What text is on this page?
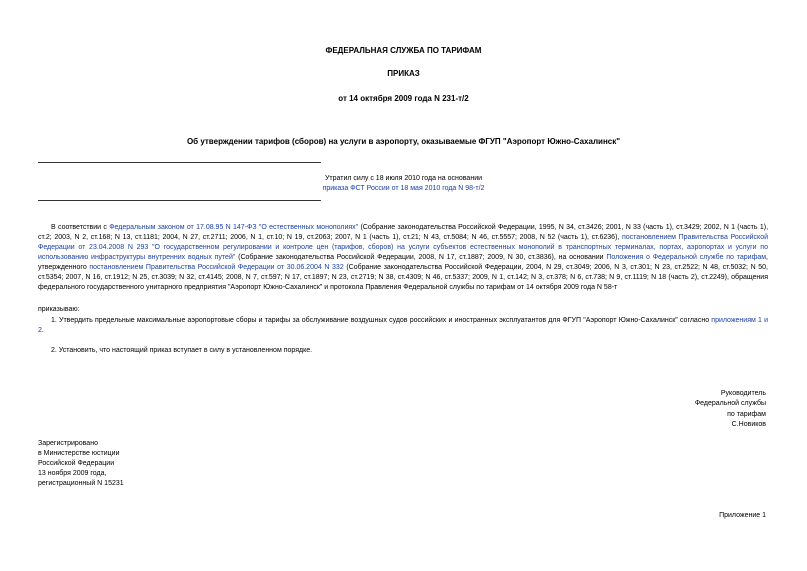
ФЕДЕРАЛЬНАЯ СЛУЖБА ПО ТАРИФАМ
ПРИКАЗ
от 14 октября 2009 года N 231-т/2
Об утверждении тарифов (сборов) на услуги в аэропорту, оказываемые ФГУП "Аэропорт Южно-Сахалинск"
Утратил силу с 18 июля 2010 года на основании
приказа ФСТ России от 18 мая 2010 года N 98-т/2
В соответствии с Федеральным законом от 17.08.95 N 147-ФЗ "О естественных монополиях" (Собрание законодательства Российской Федерации, 1995, N 34, ст.3426; 2001, N 33 (часть 1), ст.3429; 2002, N 1 (часть 1), ст.2; 2003, N 2, ст.168; N 13, ст.1181; 2004, N 27, ст.2711; 2006, N 1, ст.10; N 19, ст.2063; 2007, N 1 (часть 1), ст.21; N 43, ст.5084; N 46, ст.5557; 2008, N 52 (часть 1), ст.6236), постановлением Правительства Российской Федерации от 23.04.2008 N 293 "О государственном регулировании и контроле цен (тарифов, сборов) на услуги субъектов естественных монополий в транспортных терминалах, портах, аэропортах и услуги по использованию инфраструктуры внутренних водных путей" (Собрание законодательства Российской Федерации, 2008, N 17, ст.1887; 2009, N 30, ст.3836), на основании Положения о Федеральной службе по тарифам, утвержденного постановлением Правительства Российской Федерации от 30.06.2004 N 332 (Собрание законодательства Российской Федерации, 2004, N 29, ст.3049; 2006, N 3, ст.301; N 23, ст.2522; N 48, ст.5032; N 50, ст.5354; 2007, N 16, ст.1912; N 25, ст.3039; N 32, ст.4145; 2008, N 7, ст.597; N 17, ст.1897; N 23, ст.2719; N 38, ст.4309; N 46, ст.5337; 2009, N 1, ст.142; N 3, ст.378; N 6, ст.738; N 9, ст.1119; N 18 (часть 2), ст.2249), обращения федерального государственного унитарного предприятия "Аэропорт Южно-Сахалинск" и протокола Правления Федеральной службы по тарифам от 14 октября 2009 года N 58-т
приказываю:
1. Утвердить предельные максимальные аэропортовые сборы и тарифы за обслуживание воздушных судов российских и иностранных эксплуатантов для ФГУП "Аэропорт Южно-Сахалинск" согласно приложениям 1 и 2.
2. Установить, что настоящий приказ вступает в силу в установленном порядке.
Руководитель
Федеральной службы
по тарифам
С.Новиков
Зарегистрировано
в Министерстве юстиции
Российской Федерации
13 ноября 2009 года,
регистрационный N 15231
Приложение 1
